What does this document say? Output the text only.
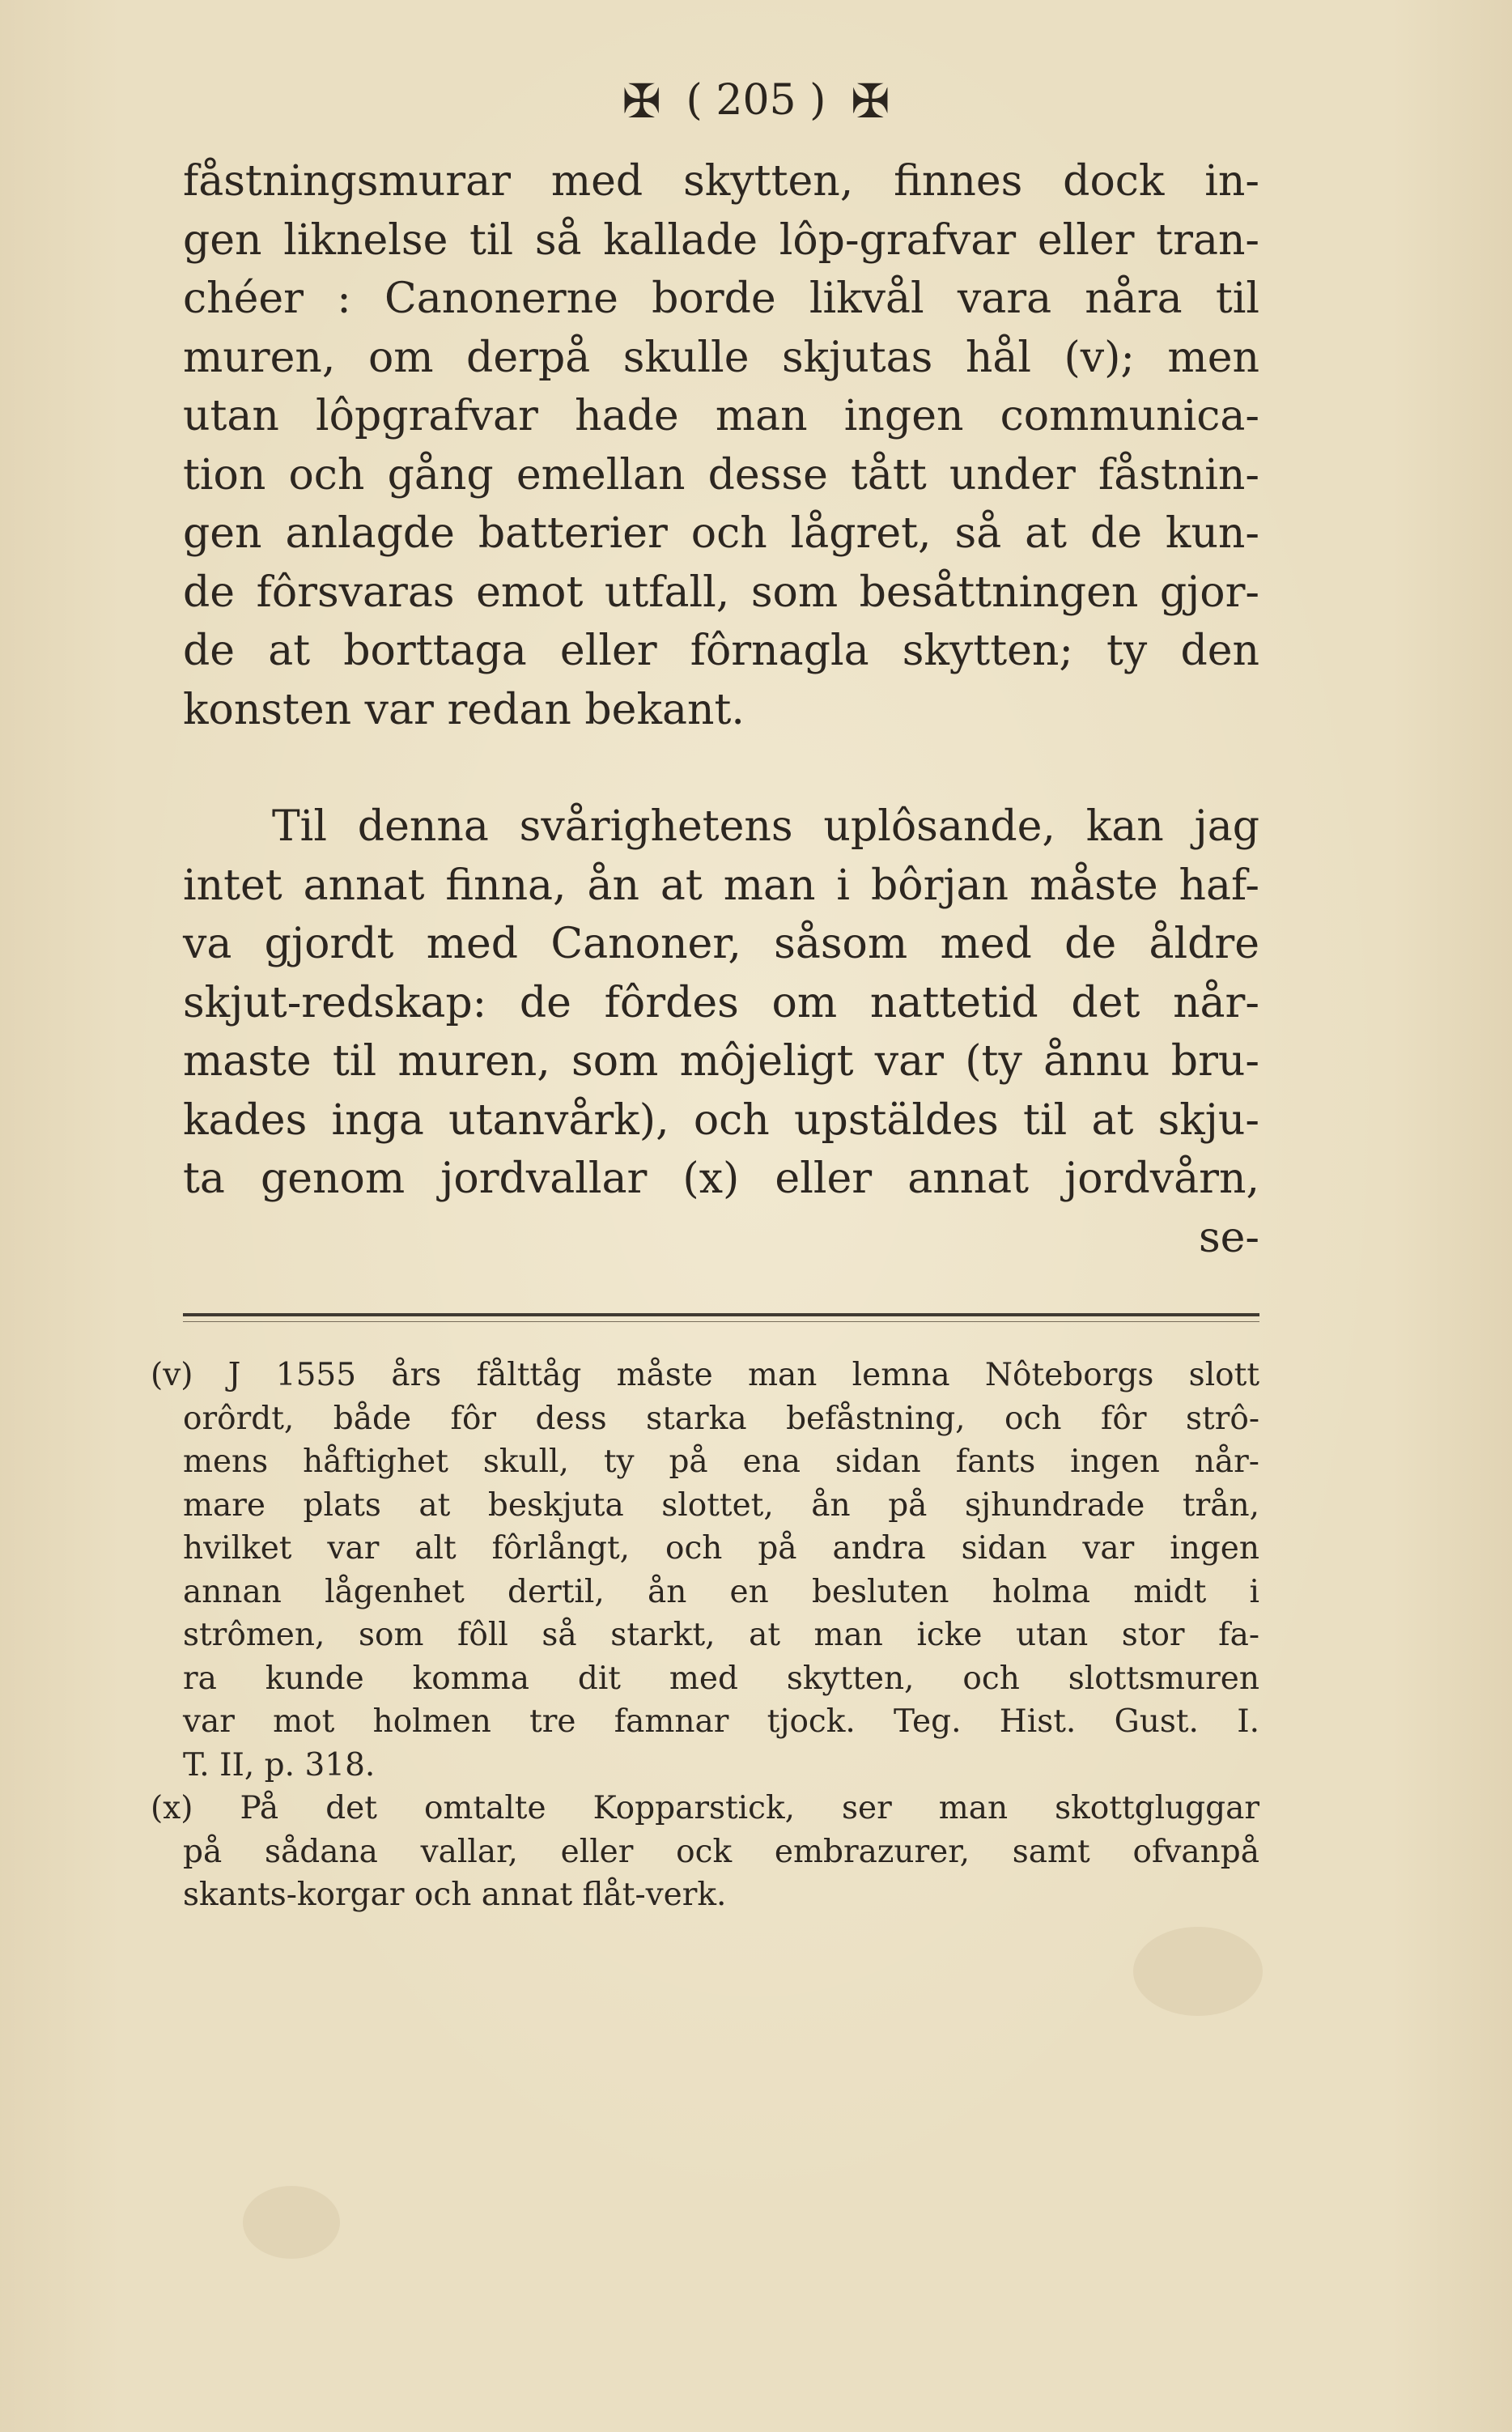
✠ ( 205 ) ✠
fåstningsmurar med skytten, finnes dock in-
gen liknelse til så kallade lôp-grafvar eller tran-
chéer : Canonerne borde likvål vara nåra til
muren, om derpå skulle skjutas hål (v); men
utan lôpgrafvar hade man ingen communica-
tion och gång emellan desse tått under fåstnin-
gen anlagde batterier och lågret, så at de kun-
de fôrsvaras emot utfall, som besåttningen gjor-
de at borttaga eller fôrnagla skytten; ty den
konsten var redan bekant.
Til denna svårighetens uplôsande, kan jag
intet annat finna, ån at man i bôrjan måste haf-
va gjordt med Canoner, såsom med de åldre
skjut-redskap: de fôrdes om nattetid det når-
maste til muren, som môjeligt var (ty ånnu bru-
kades inga utanvårk), och upstäldes til at skju-
ta genom jordvallar (x) eller annat jordvårn,
se-
(v) J 1555 års fålttåg måste man lemna Nôteborgs slott
orôrdt, både fôr dess starka befåstning, och fôr strô-
mens håftighet skull, ty på ena sidan fants ingen når-
mare plats at beskjuta slottet, ån på sjhundrade trån,
hvilket var alt fôrlångt, och på andra sidan var ingen
annan lågenhet dertil, ån en besluten holma midt i
strômen, som fôll så starkt, at man icke utan stor fa-
ra kunde komma dit med skytten, och slottsmuren
var mot holmen tre famnar tjock. Teg. Hist. Gust. I.
T. II, p. 318.
(x) På det omtalte Kopparstick, ser man skottgluggar
på sådana vallar, eller ock embrazurer, samt ofvanpå
skants-korgar och annat flåt-verk.
